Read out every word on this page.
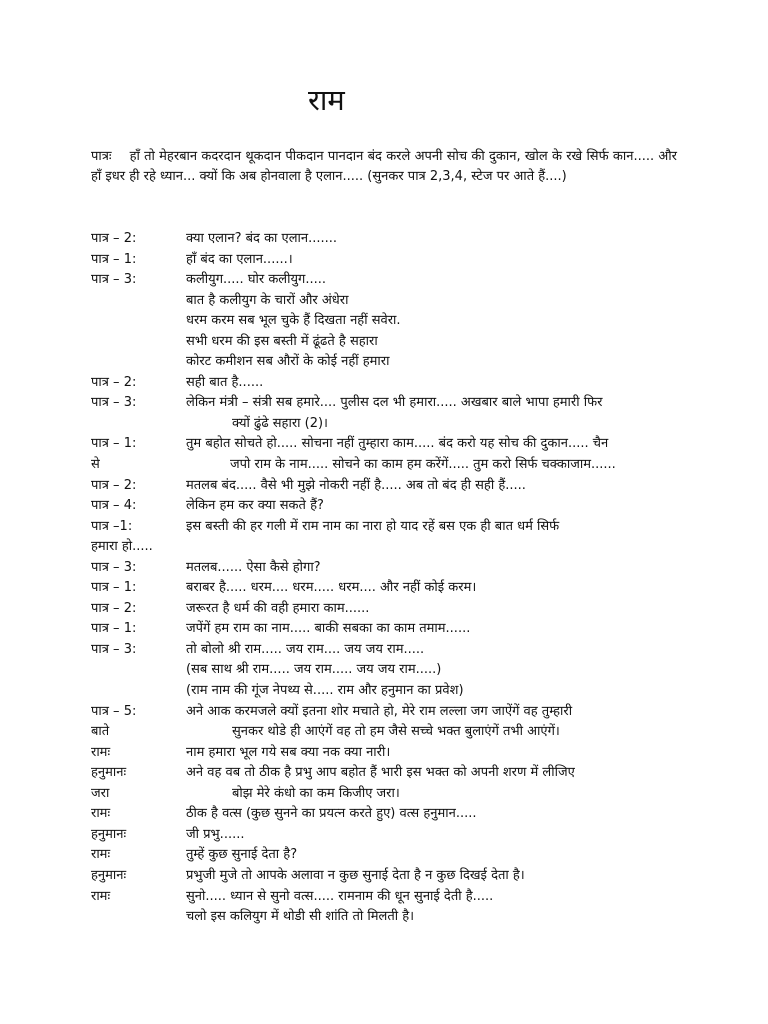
राम

पात्रः हाँ तो मेहरबान कदरदान थूकदान पीकदान पानदान बंद करले अपनी सोच की दुकान, खोल के रखे सिर्फ कान..... और हाँ इधर ही रहे ध्यान... क्यों कि अब होनवाला है एलान..... (सुनकर पात्र 2,3,4, स्टेज पर आते हैं....)

पात्र – 2:	क्या एलान? बंद का एलान.......
पात्र – 1:	हाँ बंद का एलान......।
पात्र – 3:	कलीयुग..... घोर कलीयुग.....
बात है कलीयुग के चारों और अंधेरा
धरम करम सब भूल चुके हैं दिखता नहीं सवेरा.
सभी धरम की इस बस्ती में ढूंढते है सहारा
कोरट कमीशन सब औरों के कोई नहीं हमारा
पात्र – 2:	सही बात है......
पात्र – 3:	लेकिन मंत्री – संत्री सब हमारे.... पुलीस दल भी हमारा..... अखबार बाले भापा हमारी फिर
क्यों ढुंढे सहारा (2)।
पात्र – 1:	तुम बहोत सोचते हो..... सोचना नहीं तुम्हारा काम..... बंद करो यह सोच की दुकान..... चैन
से	जपो राम के नाम..... सोचने का काम हम करेंगें..... तुम करो सिर्फ चक्काजाम......
पात्र – 2:	मतलब बंद..... वैसे भी मुझे नोकरी नहीं है..... अब तो बंद ही सही हैं.....
पात्र – 4:	लेकिन हम कर क्या सकते हैं?
पात्र –1:	इस बस्ती की हर गली में राम नाम का नारा हो याद रहें बस एक ही बात धर्म सिर्फ
हमारा हो.....
पात्र – 3:	मतलब...... ऐसा कैसे होगा?
पात्र – 1:	बराबर है..... धरम.... धरम..... धरम.... और नहीं कोई करम।
पात्र – 2:	जरूरत है धर्म की वही हमारा काम......
पात्र – 1:	जपेंगें हम राम का नाम..... बाकी सबका का काम तमाम......
पात्र – 3:	तो बोलो श्री राम..... जय राम.... जय जय राम.....
(सब साथ श्री राम..... जय राम..... जय जय राम.....)
(राम नाम की गूंज नेपथ्य से..... राम और हनुमान का प्रवेश)
पात्र – 5:	अने आक करमजले क्यों इतना शोर मचाते हो, मेरे राम लल्ला जग जाऐंगें वह तुम्हारी
बाते	सुनकर थोडे ही आएंगें वह तो हम जैसे सच्चे भक्त बुलाएंगें तभी आएंगें।
रामः	नाम हमारा भूल गये सब क्या नक क्या नारी।
हनुमानः	अने वह वब तो ठीक है प्रभु आप बहोत हैं भारी इस भक्त को अपनी शरण में लीजिए
जरा	बोझ मेरे कंधो का कम किजीए जरा।
रामः	ठीक है वत्स (कुछ सुनने का प्रयत्न करते हुए) वत्स हनुमान.....
हनुमानः	जी प्रभु......
रामः	तुम्हें कुछ सुनाई देता है?
हनुमानः	प्रभुजी मुजे तो आपके अलावा न कुछ सुनाई देता है न कुछ दिखई देता है।
रामः	सुनो..... ध्यान से सुनो वत्स..... रामनाम की धून सुनाई देती है.....
चलो इस कलियुग में थोडी सी शांति तो मिलती है।
